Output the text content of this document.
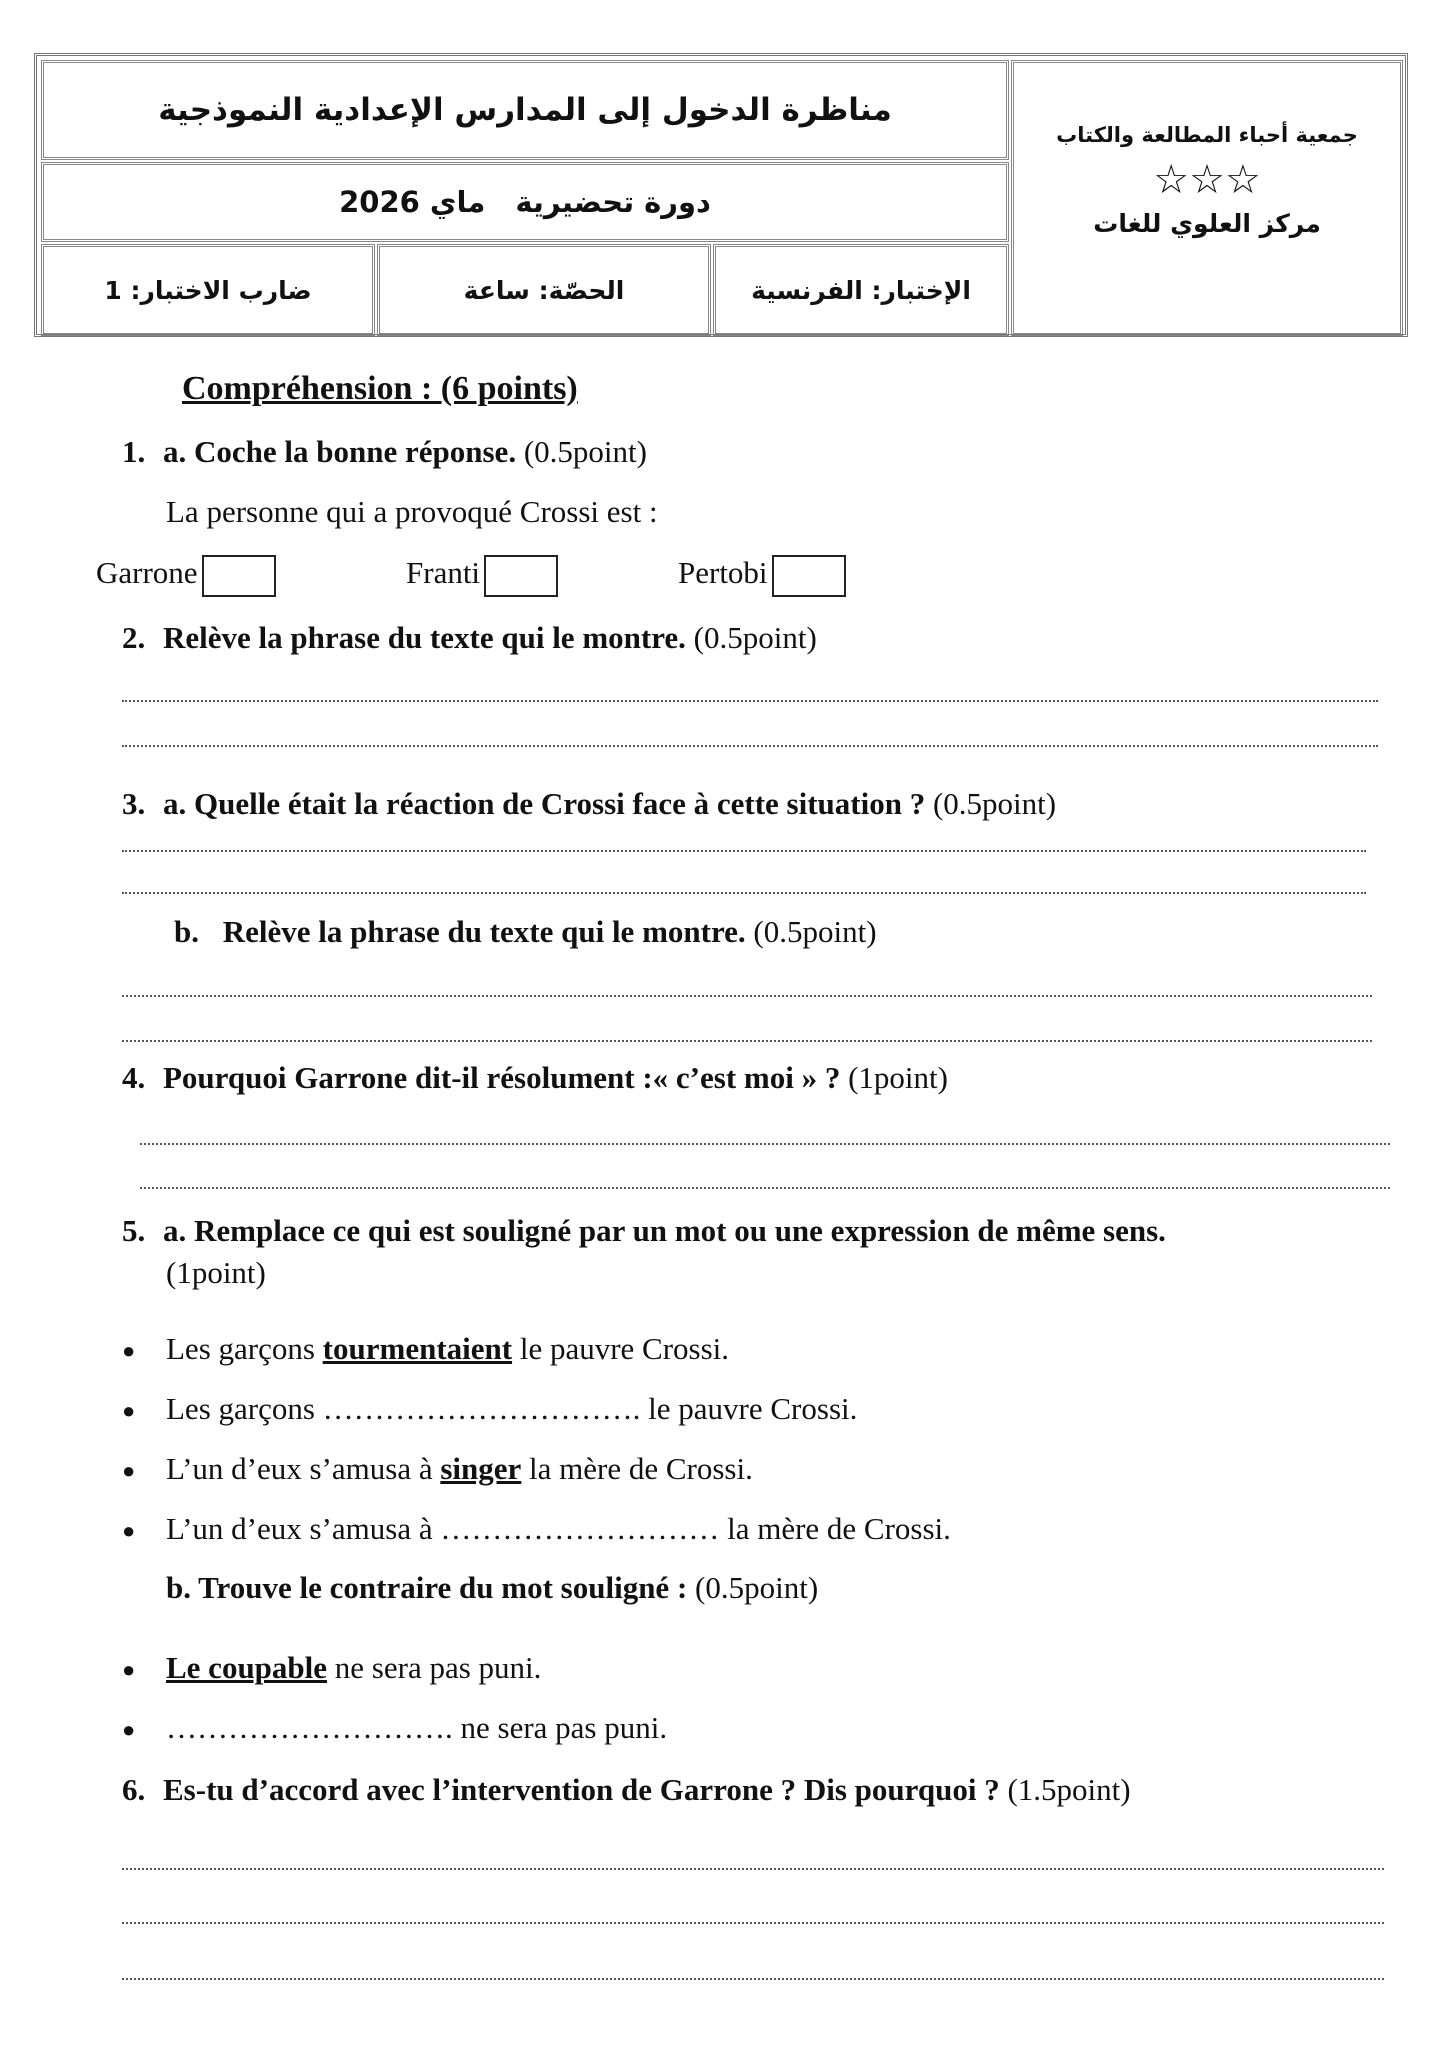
مناظرة الدخول إلى المدارس الإعدادية النموذجية
دورة تحضيرية
ماي 2026
الإختبار: الفرنسية
الحصّة: ساعة
ضارب الاختبار: 1
جمعية أحباء المطالعة والكتاب
☆☆☆
مركز العلوي للغات
Compréhension : (6 points)
1. a. Coche la bonne réponse. (0.5point)
La personne qui a provoqué Crossi est :
Garrone	Franti	Pertobi
2. Relève la phrase du texte qui le montre. (0.5point)
3. a. Quelle était la réaction de Crossi face à cette situation ? (0.5point)
b. Relève la phrase du texte qui le montre. (0.5point)
4. Pourquoi Garrone dit-il résolument :« c’est moi » ? (1point)
5. a. Remplace ce qui est souligné par un mot ou une expression de même sens.
(1point)
● Les garçons tourmentaient le pauvre Crossi.
● Les garçons …………………………. le pauvre Crossi.
● L’un d’eux s’amusa à singer la mère de Crossi.
● L’un d’eux s’amusa à ……………………… la mère de Crossi.
b. Trouve le contraire du mot souligné : (0.5point)
● Le coupable ne sera pas puni.
● ………………………. ne sera pas puni.
6. Es-tu d’accord avec l’intervention de Garrone ? Dis pourquoi ? (1.5point)
